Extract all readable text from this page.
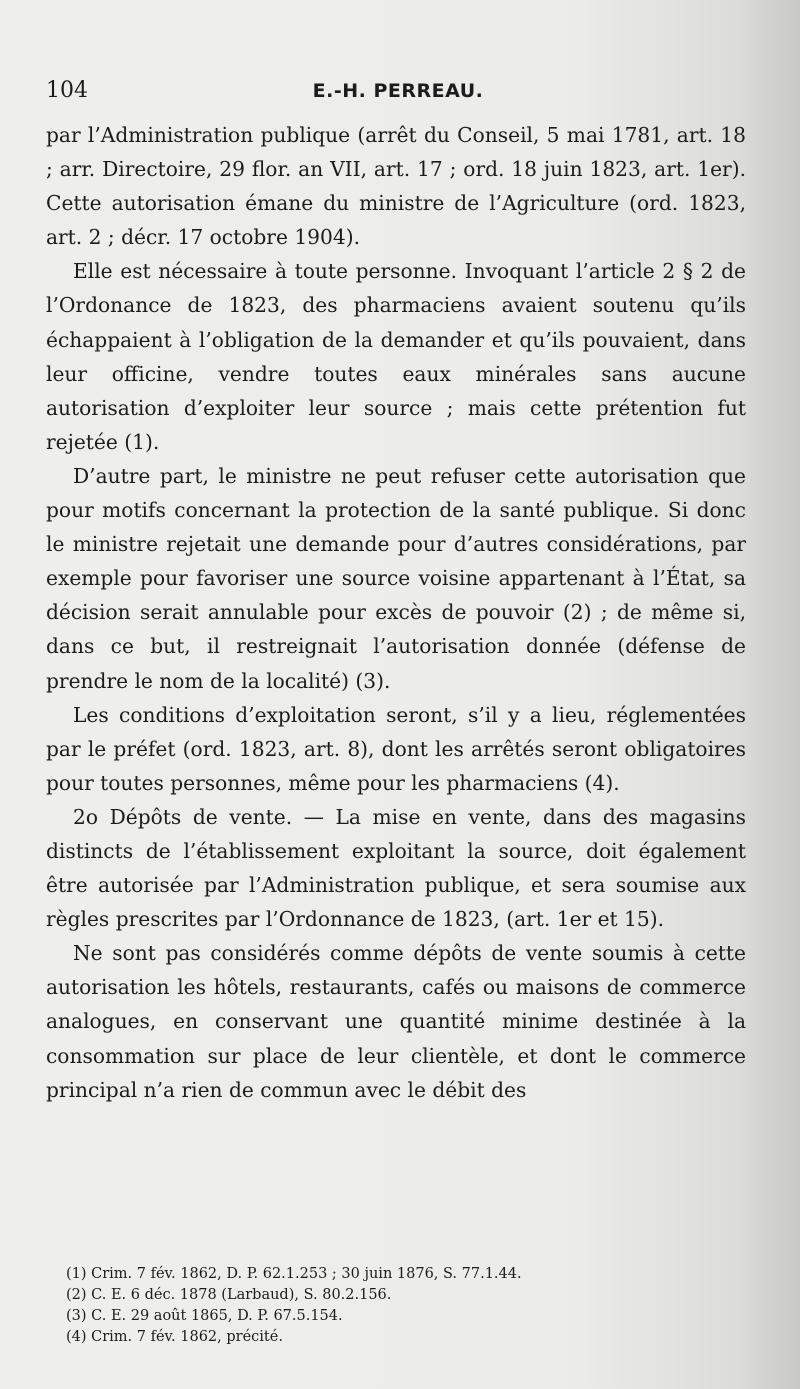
104	E.-H. PERREAU.

par l’Administration publique (arrêt du Conseil, 5 mai 1781, art. 18 ; arr. Directoire, 29 flor. an VII, art. 17 ; ord. 18 juin 1823, art. 1er). Cette autorisation émane du ministre de l’Agriculture (ord. 1823, art. 2 ; décr. 17 octobre 1904).

Elle est nécessaire à toute personne. Invoquant l’article 2 § 2 de l’Ordonance de 1823, des pharmaciens avaient soutenu qu’ils échappaient à l’obligation de la demander et qu’ils pouvaient, dans leur officine, vendre toutes eaux minérales sans aucune autorisation d’exploiter leur source ; mais cette prétention fut rejetée (1).

D’autre part, le ministre ne peut refuser cette autorisation que pour motifs concernant la protection de la santé publique. Si donc le ministre rejetait une demande pour d’autres considérations, par exemple pour favoriser une source voisine appartenant à l’État, sa décision serait annulable pour excès de pouvoir (2) ; de même si, dans ce but, il restreignait l’autorisation donnée (défense de prendre le nom de la localité) (3).

Les conditions d’exploitation seront, s’il y a lieu, réglementées par le préfet (ord. 1823, art. 8), dont les arrêtés seront obligatoires pour toutes personnes, même pour les pharmaciens (4).

2o Dépôts de vente. — La mise en vente, dans des magasins distincts de l’établissement exploitant la source, doit également être autorisée par l’Administration publique, et sera soumise aux règles prescrites par l’Ordonnance de 1823, (art. 1er et 15).

Ne sont pas considérés comme dépôts de vente soumis à cette autorisation les hôtels, restaurants, cafés ou maisons de commerce analogues, en conservant une quantité minime destinée à la consommation sur place de leur clientèle, et dont le commerce principal n’a rien de commun avec le débit des

(1) Crim. 7 fév. 1862, D. P. 62.1.253 ; 30 juin 1876, S. 77.1.44.
(2) C. E. 6 déc. 1878 (Larbaud), S. 80.2.156.
(3) C. E. 29 août 1865, D. P. 67.5.154.
(4) Crim. 7 fév. 1862, précité.
